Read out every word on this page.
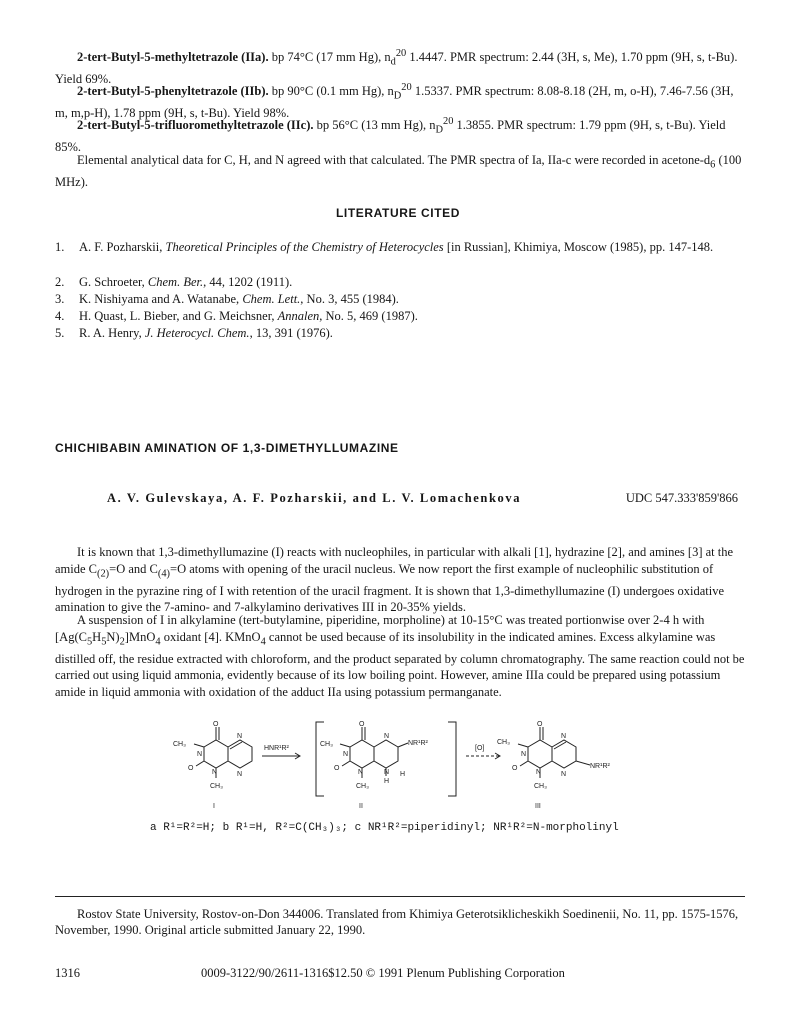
2-tert-Butyl-5-methyltetrazole (IIa). bp 74°C (17 mm Hg), $n_d^{20}$ 1.4447. PMR spectrum: 2.44 (3H, s, Me), 1.70 ppm (9H, s, t-Bu). Yield 69%.

2-tert-Butyl-5-phenyltetrazole (IIb). bp 90°C (0.1 mm Hg), $n_D^{20}$ 1.5337. PMR spectrum: 8.08-8.18 (2H, m, o-H), 7.46-7.56 (3H, m, m,p-H), 1.78 ppm (9H, s, t-Bu). Yield 98%.

2-tert-Butyl-5-trifluoromethyltetrazole (IIc). bp 56°C (13 mm Hg), $n_D^{20}$ 1.3855. PMR spectrum: 1.79 ppm (9H, s, t-Bu). Yield 85%.

Elemental analytical data for C, H, and N agreed with that calculated. The PMR spectra of Ia, IIa-c were recorded in acetone-$d_6$ (100 MHz).

LITERATURE CITED
1. A. F. Pozharskii, Theoretical Principles of the Chemistry of Heterocycles [in Russian], Khimiya, Moscow (1985), pp. 147-148.
2. G. Schroeter, Chem. Ber., 44, 1202 (1911).
3. K. Nishiyama and A. Watanabe, Chem. Lett., No. 3, 455 (1984).
4. H. Quast, L. Bieber, and G. Meichsner, Annalen, No. 5, 469 (1987).
5. R. A. Henry, J. Heterocycl. Chem., 13, 391 (1976).
CHICHIBABIN AMINATION OF 1,3-DIMETHYLLUMAZINE
A. V. Gulevskaya, A. F. Pozharskii, and L. V. Lomachenkova	UDC 547.333'859'866

It is known that 1,3-dimethyllumazine (I) reacts with nucleophiles, in particular with alkali [1], hydrazine [2], and amines [3] at the amide $C_{(2)}=O$ and $C_{(4)}=O$ atoms with opening of the uracil nucleus. We now report the first example of nucleophilic substitution of hydrogen in the pyrazine ring of I with retention of the uracil fragment. It is shown that 1,3-dimethyllumazine (I) undergoes oxidative amination to give the 7-amino- and 7-alkylamino derivatives III in 20-35% yields.

A suspension of I in alkylamine (tert-butylamine, piperidine, morpholine) at 10-15°C was treated portionwise over 2-4 h with $[Ag(C_5H_5N)_2]MnO_4$ oxidant [4]. KMnO$_4$ cannot be used because of its insolubility in the indicated amines. Excess alkylamine was distilled off, the residue extracted with chloroform, and the product separated by column chromatography. The same reaction could not be carried out using liquid ammonia, evidently because of its low boiling point. However, amine IIIa could be prepared using potassium amide in liquid ammonia with oxidation of the adduct IIa using potassium permanganate.

O
CH₃
N
O
N
CH₃
N
N
I
HNR¹R²
O
CH₃
N
O
N
CH₃
N
NR¹R²
N
H
H
II
[O]
O
CH₃
N
O
N
CH₃
N
N
NR¹R²
III
a R¹=R²=H; b R¹=H, R²=C(CH₃)₃; c NR¹R²=piperidinyl; NR¹R²=N-morpholinyl
Rostov State University, Rostov-on-Don 344006. Translated from Khimiya Geterotsiklicheskikh Soedinenii, No. 11, pp. 1575-1576, November, 1990. Original article submitted January 22, 1990.
1316	0009-3122/90/2611-1316$12.50 © 1991 Plenum Publishing Corporation
